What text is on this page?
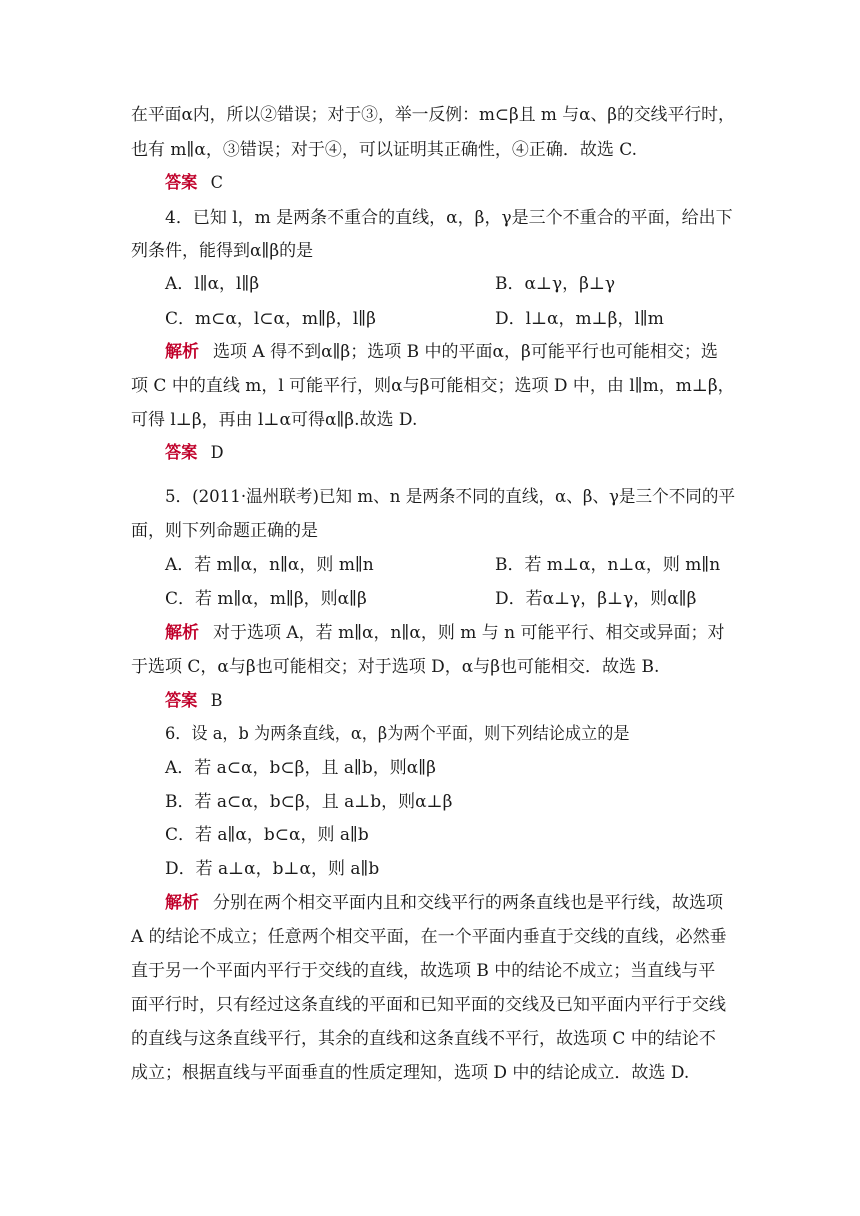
在平面α内，所以②错误；对于③，举一反例：m⊂β且 m 与α、β的交线平行时，
也有 m∥α，③错误；对于④，可以证明其正确性，④正确．故选 C.
答案 C
4．已知 l，m 是两条不重合的直线，α，β，γ是三个不重合的平面，给出下
列条件，能得到α∥β的是
A．l∥α，l∥β	B．α⊥γ，β⊥γ
C．m⊂α，l⊂α，m∥β，l∥β	D．l⊥α，m⊥β，l∥m
解析 选项 A 得不到α∥β；选项 B 中的平面α，β可能平行也可能相交；选
项 C 中的直线 m，l 可能平行，则α与β可能相交；选项 D 中，由 l∥m，m⊥β，
可得 l⊥β，再由 l⊥α可得α∥β.故选 D.
答案 D
5．(2011·温州联考)已知 m、n 是两条不同的直线，α、β、γ是三个不同的平
面，则下列命题正确的是
A．若 m∥α，n∥α，则 m∥n	B．若 m⊥α，n⊥α，则 m∥n
C．若 m∥α，m∥β，则α∥β	D．若α⊥γ，β⊥γ，则α∥β
解析 对于选项 A，若 m∥α，n∥α，则 m 与 n 可能平行、相交或异面；对
于选项 C，α与β也可能相交；对于选项 D，α与β也可能相交．故选 B.
答案 B
6．设 a，b 为两条直线，α，β为两个平面，则下列结论成立的是
A．若 a⊂α，b⊂β，且 a∥b，则α∥β
B．若 a⊂α，b⊂β，且 a⊥b，则α⊥β
C．若 a∥α，b⊂α，则 a∥b
D．若 a⊥α，b⊥α，则 a∥b
解析 分别在两个相交平面内且和交线平行的两条直线也是平行线，故选项
A 的结论不成立；任意两个相交平面，在一个平面内垂直于交线的直线，必然垂
直于另一个平面内平行于交线的直线，故选项 B 中的结论不成立；当直线与平
面平行时，只有经过这条直线的平面和已知平面的交线及已知平面内平行于交线
的直线与这条直线平行，其余的直线和这条直线不平行，故选项 C 中的结论不
成立；根据直线与平面垂直的性质定理知，选项 D 中的结论成立．故选 D.
